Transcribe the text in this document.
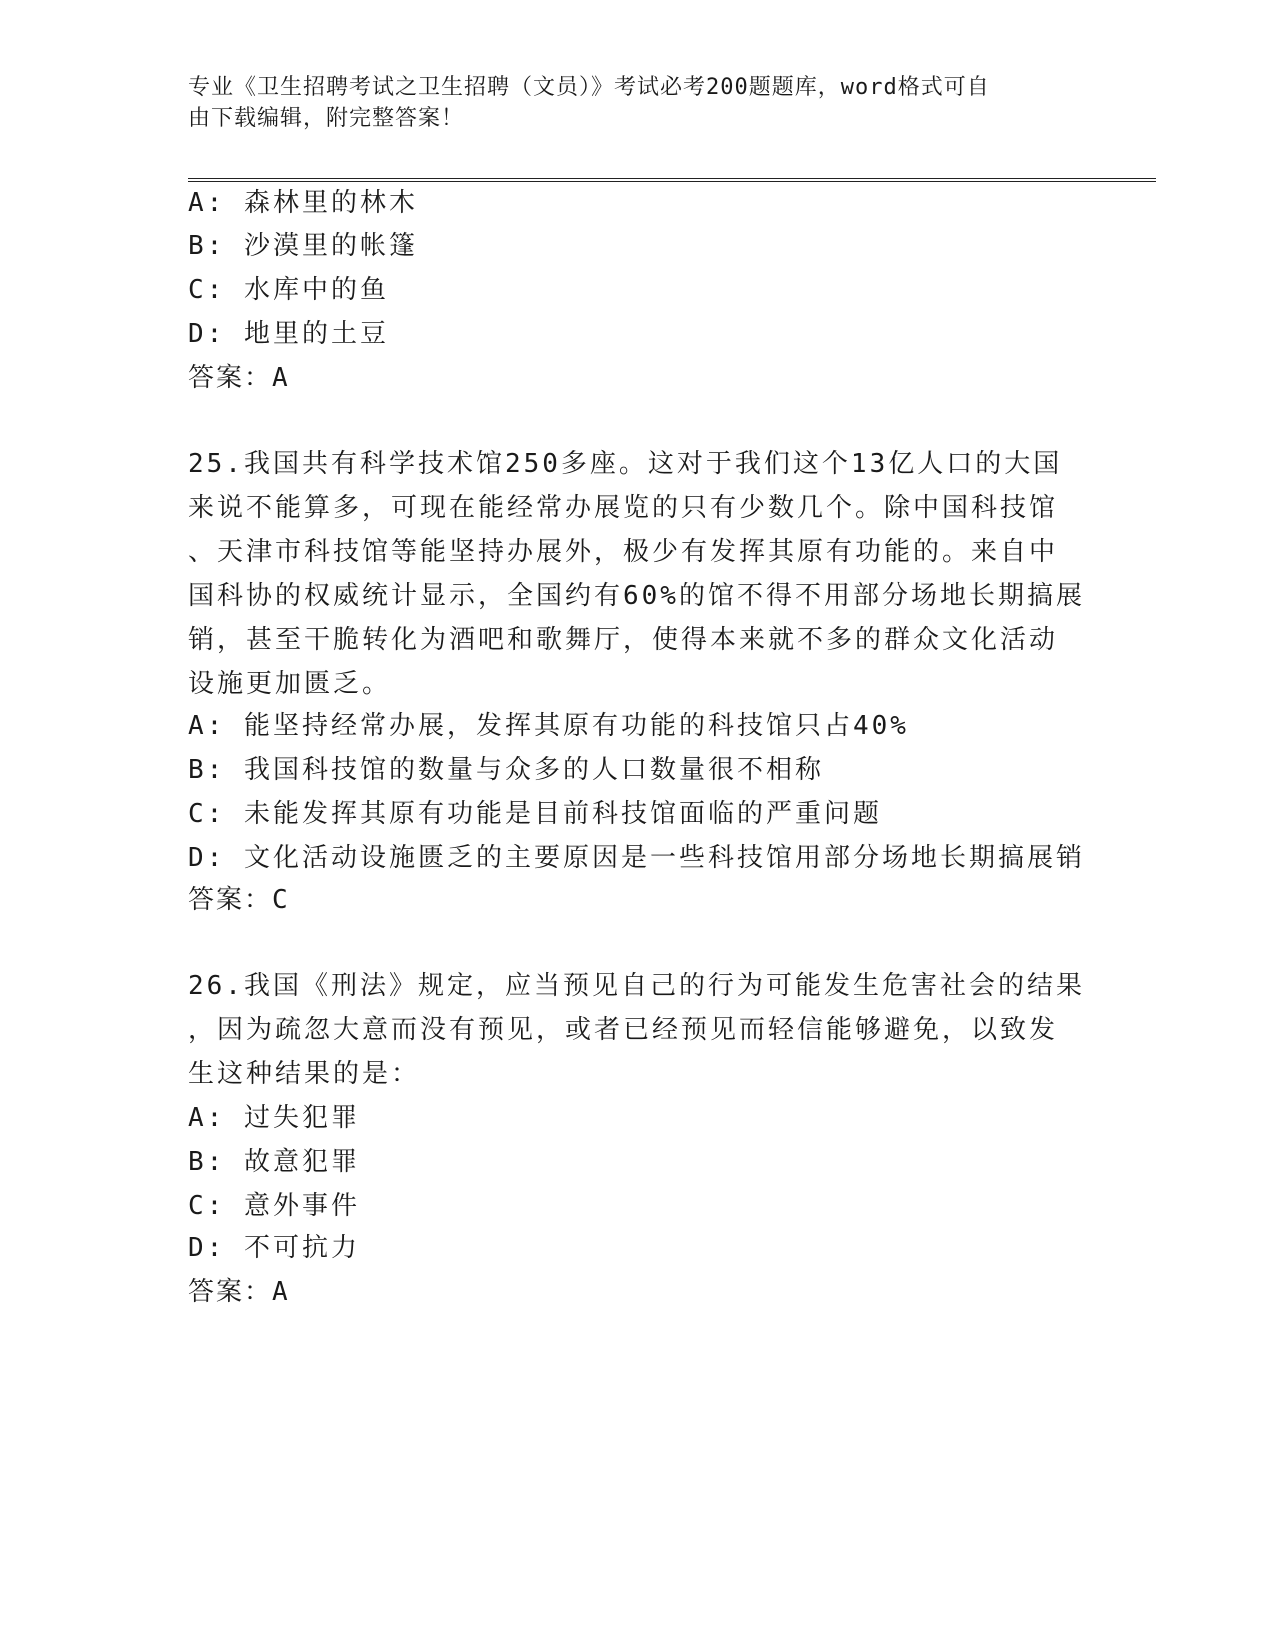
专业《卫生招聘考试之卫生招聘（文员）》考试必考200题题库，word格式可自
由下载编辑，附完整答案！
A: 森林里的林木
B: 沙漠里的帐篷
C: 水库中的鱼
D: 地里的土豆
答案：A
25.我国共有科学技术馆250多座。这对于我们这个13亿人口的大国
来说不能算多，可现在能经常办展览的只有少数几个。除中国科技馆
、天津市科技馆等能坚持办展外，极少有发挥其原有功能的。来自中
国科协的权威统计显示，全国约有60%的馆不得不用部分场地长期搞展
销，甚至干脆转化为酒吧和歌舞厅，使得本来就不多的群众文化活动
设施更加匮乏。
A: 能坚持经常办展，发挥其原有功能的科技馆只占40%
B: 我国科技馆的数量与众多的人口数量很不相称
C: 未能发挥其原有功能是目前科技馆面临的严重问题
D: 文化活动设施匮乏的主要原因是一些科技馆用部分场地长期搞展销
答案：C
26.我国《刑法》规定，应当预见自己的行为可能发生危害社会的结果
，因为疏忽大意而没有预见，或者已经预见而轻信能够避免，以致发
生这种结果的是：
A: 过失犯罪
B: 故意犯罪
C: 意外事件
D: 不可抗力
答案：A
